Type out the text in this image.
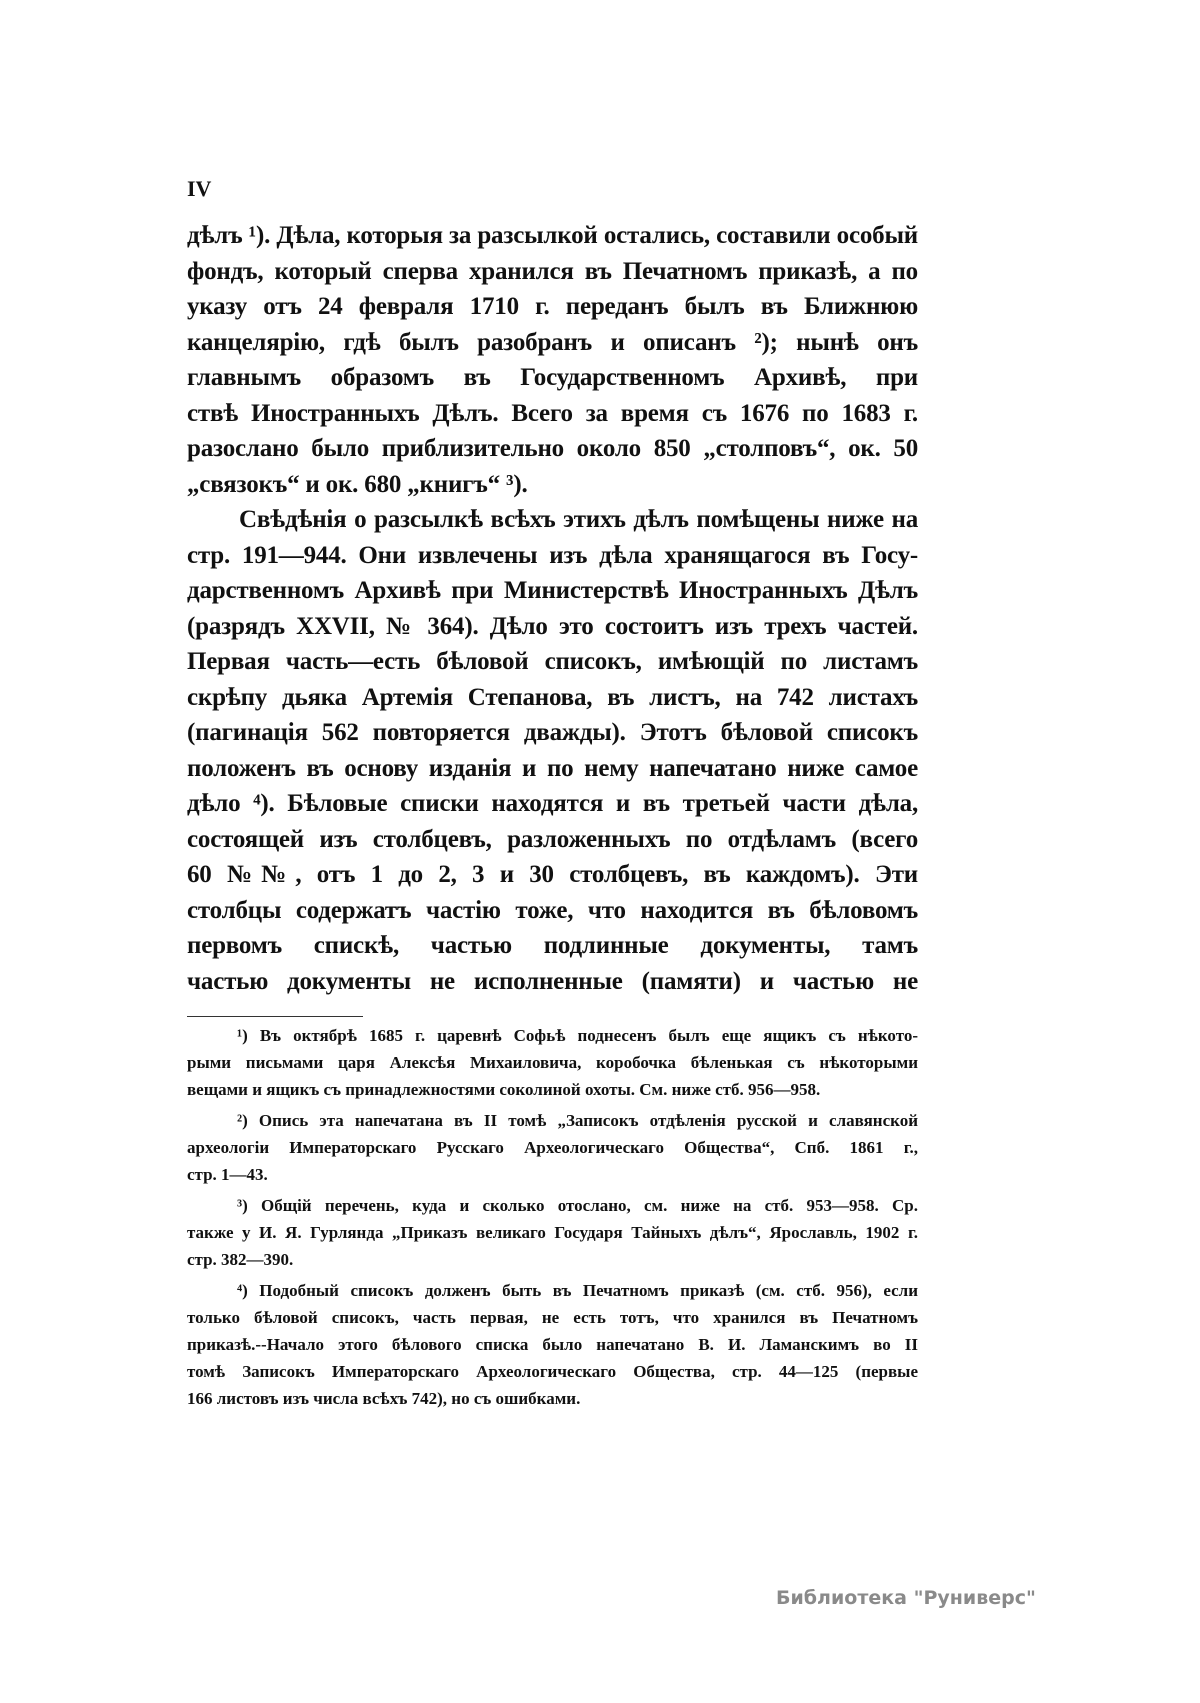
IV
дѣлъ ¹). Дѣла, которыя за разсылкой остались, составили особый
фондъ, который сперва хранился въ Печатномъ приказѣ, а по
указу отъ 24 февраля 1710 г. переданъ былъ въ Ближнюю
канцелярію, гдѣ былъ разобранъ и описанъ ²); нынѣ онъ
главнымъ образомъ въ Государственномъ Архивѣ, при
ствѣ Иностранныхъ Дѣлъ. Всего за время съ 1676 по 1683 г.
разослано было приблизительно около 850 „столповъ“, ок. 50
„связокъ“ и ок. 680 „книгъ“ ³).
Свѣдѣнія о разсылкѣ всѣхъ этихъ дѣлъ помѣщены ниже на
стр. 191—944. Они извлечены изъ дѣла хранящагося въ Госу-
дарственномъ Архивѣ при Министерствѣ Иностранныхъ Дѣлъ
(разрядъ XXVII, № 364). Дѣло это состоитъ изъ трехъ частей.
Первая часть—есть бѣловой списокъ, имѣющій по листамъ
скрѣпу дьяка Артемія Степанова, въ листъ, на 742 листахъ
(пагинація 562 повторяется дважды). Этотъ бѣловой списокъ
положенъ въ основу изданія и по нему напечатано ниже самое
дѣло ⁴). Бѣловые списки находятся и въ третьей части дѣла,
состоящей изъ столбцевъ, разложенныхъ по отдѣламъ (всего
60 №№, отъ 1 до 2, 3 и 30 столбцевъ, въ каждомъ). Эти
столбцы содержатъ частію тоже, что находится въ бѣловомъ
первомъ спискѣ, частью подлинные документы, тамъ
частью документы не исполненные (памяти) и частью не
¹) Въ октябрѣ 1685 г. царевнѣ Софьѣ поднесенъ былъ еще ящикъ съ нѣкото-
рыми письмами царя Алексѣя Михаиловича, коробочка бѣленькая съ нѣкоторыми
вещами и ящикъ съ принадлежностями соколиной охоты. См. ниже стб. 956—958.
²) Опись эта напечатана въ II томѣ „Записокъ отдѣленія русской и славянской
археологіи Императорскаго Русскаго Археологическаго Общества“, Спб. 1861 г.,
стр. 1—43.
³) Общій перечень, куда и сколько отослано, см. ниже на стб. 953—958. Ср.
также у И. Я. Гурлянда „Приказъ великаго Государя Тайныхъ дѣлъ“, Ярославль, 1902 г.
стр. 382—390.
⁴) Подобный списокъ долженъ быть въ Печатномъ приказѣ (см. стб. 956), если
только бѣловой списокъ, часть первая, не есть тотъ, что хранился въ Печатномъ
приказѣ.--Начало этого бѣлового списка было напечатано В. И. Ламанскимъ во II
томѣ Записокъ Императорскаго Археологическаго Общества, стр. 44—125 (первые
166 листовъ изъ числа всѣхъ 742), но съ ошибками.
Библиотека "Руниверс"
